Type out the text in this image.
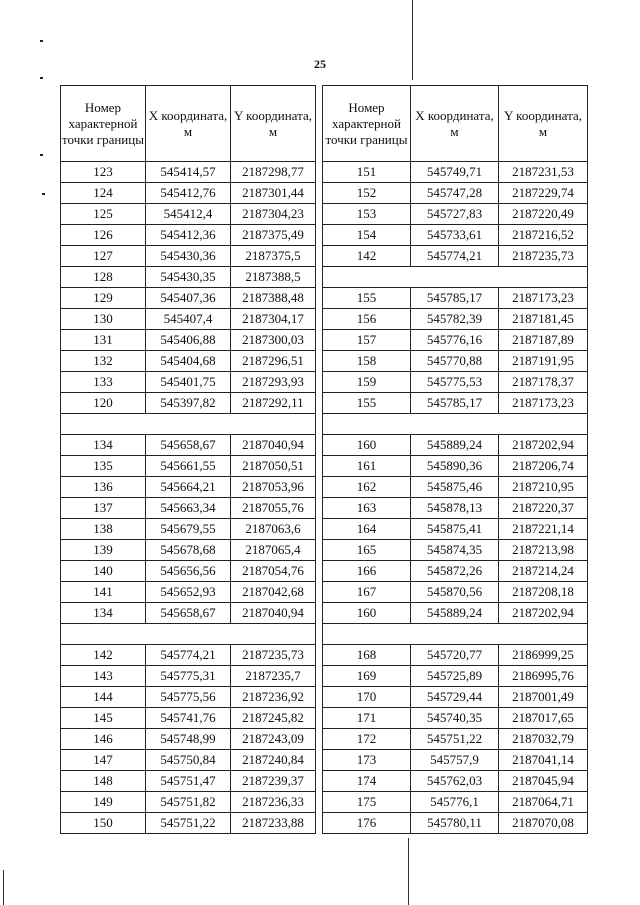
25
Номер характерной точки границы	X координата, м	Y координата, м
123	545414,57	2187298,77
124	545412,76	2187301,44
125	545412,4	2187304,23
126	545412,36	2187375,49
127	545430,36	2187375,5
128	545430,35	2187388,5
129	545407,36	2187388,48
130	545407,4	2187304,17
131	545406,88	2187300,03
132	545404,68	2187296,51
133	545401,75	2187293,93
120	545397,82	2187292,11

134	545658,67	2187040,94
135	545661,55	2187050,51
136	545664,21	2187053,96
137	545663,34	2187055,76
138	545679,55	2187063,6
139	545678,68	2187065,4
140	545656,56	2187054,76
141	545652,93	2187042,68
134	545658,67	2187040,94

142	545774,21	2187235,73
143	545775,31	2187235,7
144	545775,56	2187236,92
145	545741,76	2187245,82
146	545748,99	2187243,09
147	545750,84	2187240,84
148	545751,47	2187239,37
149	545751,82	2187236,33
150	545751,22	2187233,88
Номер характерной точки границы	X координата, м	Y координата, м
151	545749,71	2187231,53
152	545747,28	2187229,74
153	545727,83	2187220,49
154	545733,61	2187216,52
142	545774,21	2187235,73

155	545785,17	2187173,23
156	545782,39	2187181,45
157	545776,16	2187187,89
158	545770,88	2187191,95
159	545775,53	2187178,37
155	545785,17	2187173,23

160	545889,24	2187202,94
161	545890,36	2187206,74
162	545875,46	2187210,95
163	545878,13	2187220,37
164	545875,41	2187221,14
165	545874,35	2187213,98
166	545872,26	2187214,24
167	545870,56	2187208,18
160	545889,24	2187202,94

168	545720,77	2186999,25
169	545725,89	2186995,76
170	545729,44	2187001,49
171	545740,35	2187017,65
172	545751,22	2187032,79
173	545757,9	2187041,14
174	545762,03	2187045,94
175	545776,1	2187064,71
176	545780,11	2187070,08
